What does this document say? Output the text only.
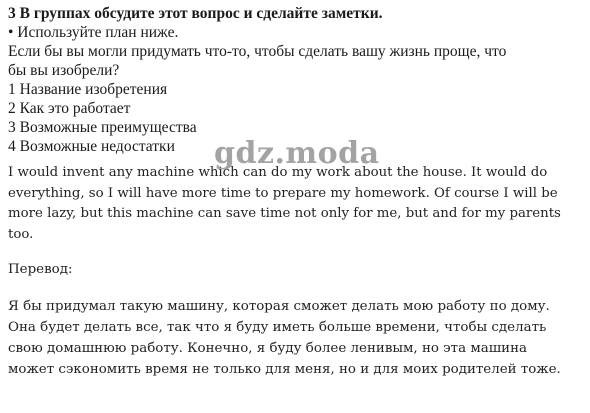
3 В группах обсудите этот вопрос и сделайте заметки.
• Используйте план ниже.
Если бы вы могли придумать что-то, чтобы сделать вашу жизнь проще, что
бы вы изобрели?
1 Название изобретения
2 Как это работает
3 Возможные преимущества
4 Возможные недостатки
I would invent any machine which can do my work about the house. It would do
everything, so I will have more time to prepare my homework. Of course I will be
more lazy, but this machine can save time not only for me, but and for my parents
too.
Перевод:
Я бы придумал такую машину, которая сможет делать мою работу по дому.
Она будет делать все, так что я буду иметь больше времени, чтобы сделать
свою домашнюю работу. Конечно, я буду более ленивым, но эта машина
может сэкономить время не только для меня, но и для моих родителей тоже.
gdz.moda
